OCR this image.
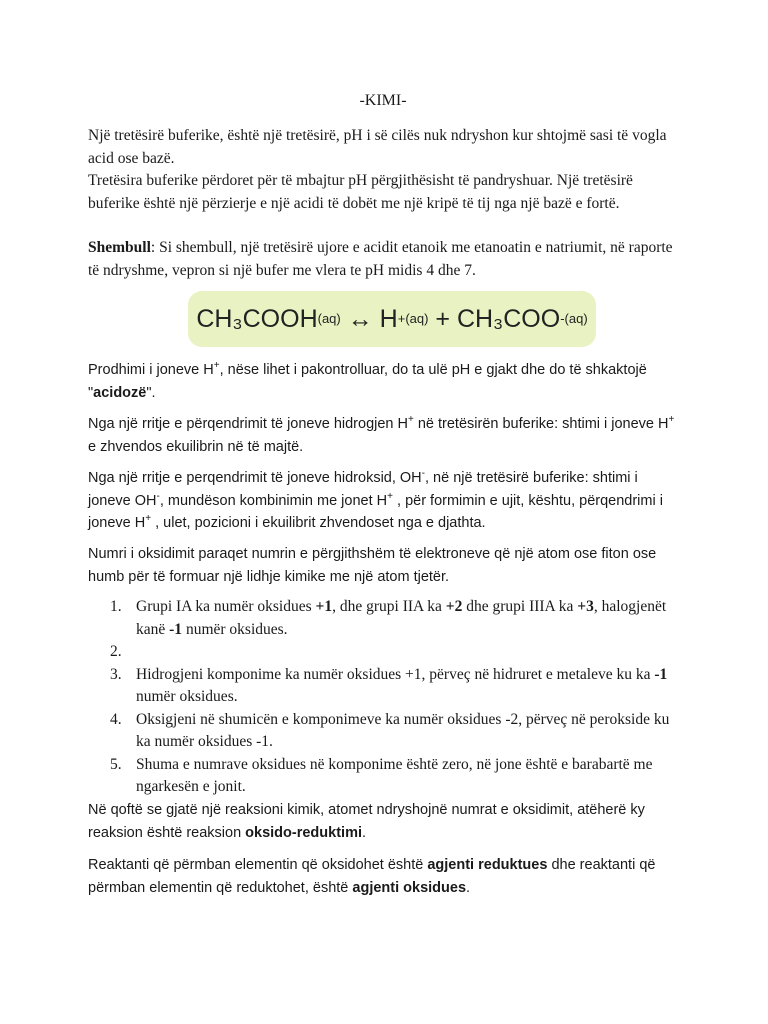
-KIMI-
Një tretësirë buferike, është një tretësirë, pH i së cilës nuk ndryshon kur shtojmë sasi të vogla acid ose bazë.
Tretësira buferike përdoret për të mbajtur pH përgjithësisht të pandryshuar. Një tretësirë buferike është një përzierje e një acidi të dobët me një kripë të tij nga një bazë e fortë.
Shembull: Si shembull, një tretësirë ujore e acidit etanoik me etanoatin e natriumit, në raporte të ndryshme, vepron si një bufer me vlera te pH midis 4 dhe 7.
CH₃COOH (aq)
↔
H + (aq)
+
CH₃COO - (aq)
Prodhimi i joneve H+, nëse lihet i pakontrolluar, do ta ulë pH e gjakt dhe do të shkaktojë "acidozë".
Nga një rritje e përqendrimit të joneve hidrogjen H+ në tretësirën buferike: shtimi i joneve H+ e zhvendos ekuilibrin në të majtë.
Nga një rritje e perqendrimit të joneve hidroksid, OH-, në një tretësirë buferike: shtimi i joneve OH-, mundëson kombinimin me jonet H+ , për formimin e ujit, kështu, përqendrimi i joneve H+ , ulet, pozicioni i ekuilibrit zhvendoset nga e djathta.
Numri i oksidimit paraqet numrin e përgjithshëm të elektroneve që një atom ose fiton ose humb për të formuar një lidhje kimike me një atom tjetër.
1. Grupi IA ka numër oksidues +1, dhe grupi IIA ka +2 dhe grupi IIIA ka +3, halogjenët kanë -1 numër oksidues.
2.

3. Hidrogjeni komponime ka numër oksidues +1, përveç në hidruret e metaleve ku ka -1 numër oksidues.
4. Oksigjeni në shumicën e komponimeve ka numër oksidues -2, përveç në perokside ku ka numër oksidues -1.
5. Shuma e numrave oksidues në komponime është zero, në jone është e barabartë me ngarkesën e jonit.
Në qoftë se gjatë një reaksioni kimik, atomet ndryshojnë numrat e oksidimit, atëherë ky reaksion është reaksion oksido-reduktimi.
Reaktanti që përmban elementin që oksidohet është agjenti reduktues dhe reaktanti që përmban elementin që reduktohet, është agjenti oksidues.
